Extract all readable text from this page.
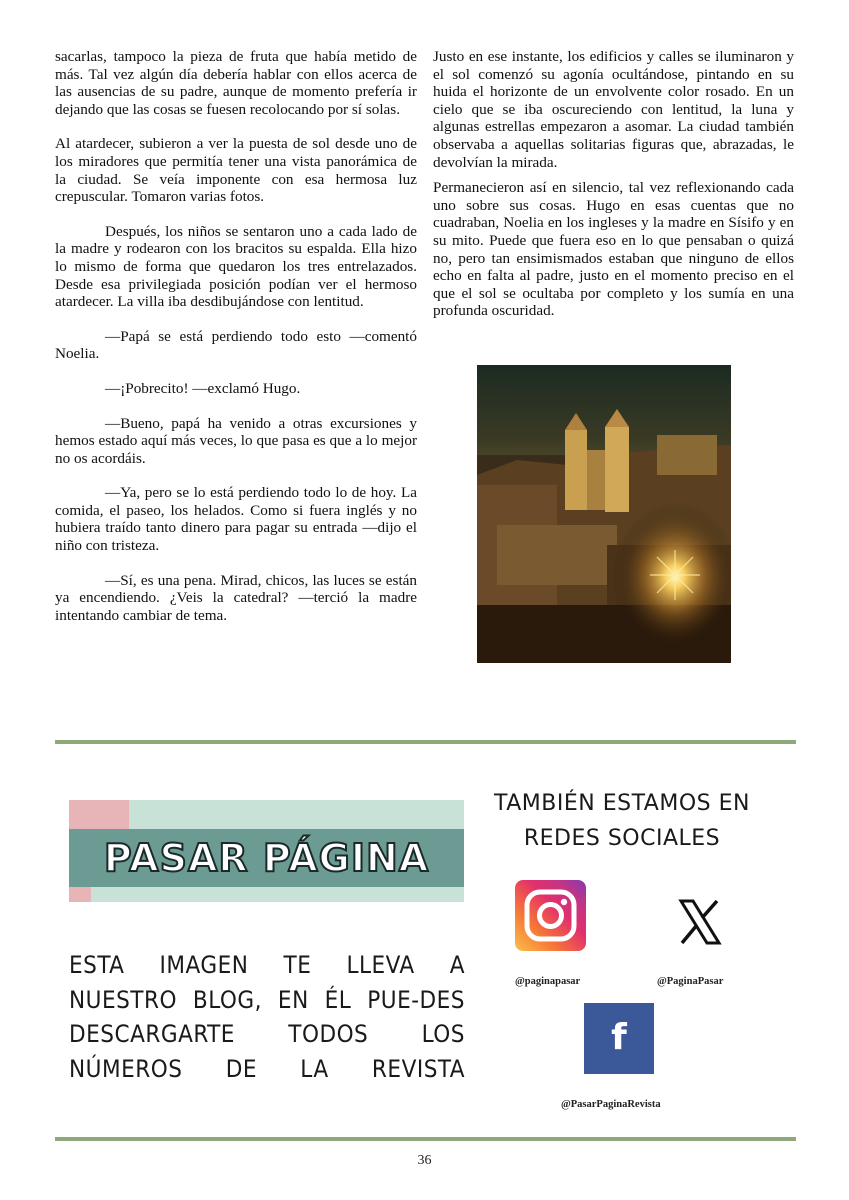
sacarlas, tampoco la pieza de fruta que había metido de más. Tal vez algún día debería hablar con ellos acerca de las ausencias de su padre, aunque de momento prefería ir dejando que las cosas se fuesen recolocando por sí solas.

Al atardecer, subieron a ver la puesta de sol desde uno de los miradores que permitía tener una vista panorámica de la ciudad. Se veía imponente con esa hermosa luz crepuscular. Tomaron varias fotos.

Después, los niños se sentaron uno a cada lado de la madre y rodearon con los bracitos su espalda. Ella hizo lo mismo de forma que quedaron los tres entrelazados. Desde esa privilegiada posición podían ver el hermoso atardecer. La villa iba desdibujándose con lentitud.

—Papá se está perdiendo todo esto —comentó Noelia.

—¡Pobrecito! —exclamó Hugo.

—Bueno, papá ha venido a otras excursiones y hemos estado aquí más veces, lo que pasa es que a lo mejor no os acordáis.

—Ya, pero se lo está perdiendo todo lo de hoy. La comida, el paseo, los helados. Como si fuera inglés y no hubiera traído tanto dinero para pagar su entrada —dijo el niño con tristeza.

—Sí, es una pena. Mirad, chicos, las luces se están ya encendiendo. ¿Veis la catedral? —terció la madre intentando cambiar de tema.

Justo en ese instante, los edificios y calles se iluminaron y el sol comenzó su agonía ocultándose, pintando en su huida el horizonte de un envolvente color rosado. En un cielo que se iba oscureciendo con lentitud, la luna y algunas estrellas empezaron a asomar. La ciudad también observaba a aquellas solitarias figuras que, abrazadas, le devolvían la mirada.

Permanecieron así en silencio, tal vez reflexionando cada uno sobre sus cosas. Hugo en esas cuentas que no cuadraban, Noelia en los ingleses y la madre en Sísifo y en su mito. Puede que fuera eso en lo que pensaban o quizá no, pero tan ensimismados estaban que ninguno de ellos echo en falta al padre, justo en el momento preciso en el que el sol se ocultaba por completo y los sumía en una profunda oscuridad.

PASAR PÁGINA
ESTA IMAGEN TE LLEVA A NUESTRO BLOG, EN ÉL PUE-DES DESCARGARTE TODOS LOS NÚMEROS DE LA REVISTA
TAMBIÉN ESTAMOS EN REDES SOCIALES
@paginapasar	@PaginaPasar
f
@PasarPaginaRevista
36
